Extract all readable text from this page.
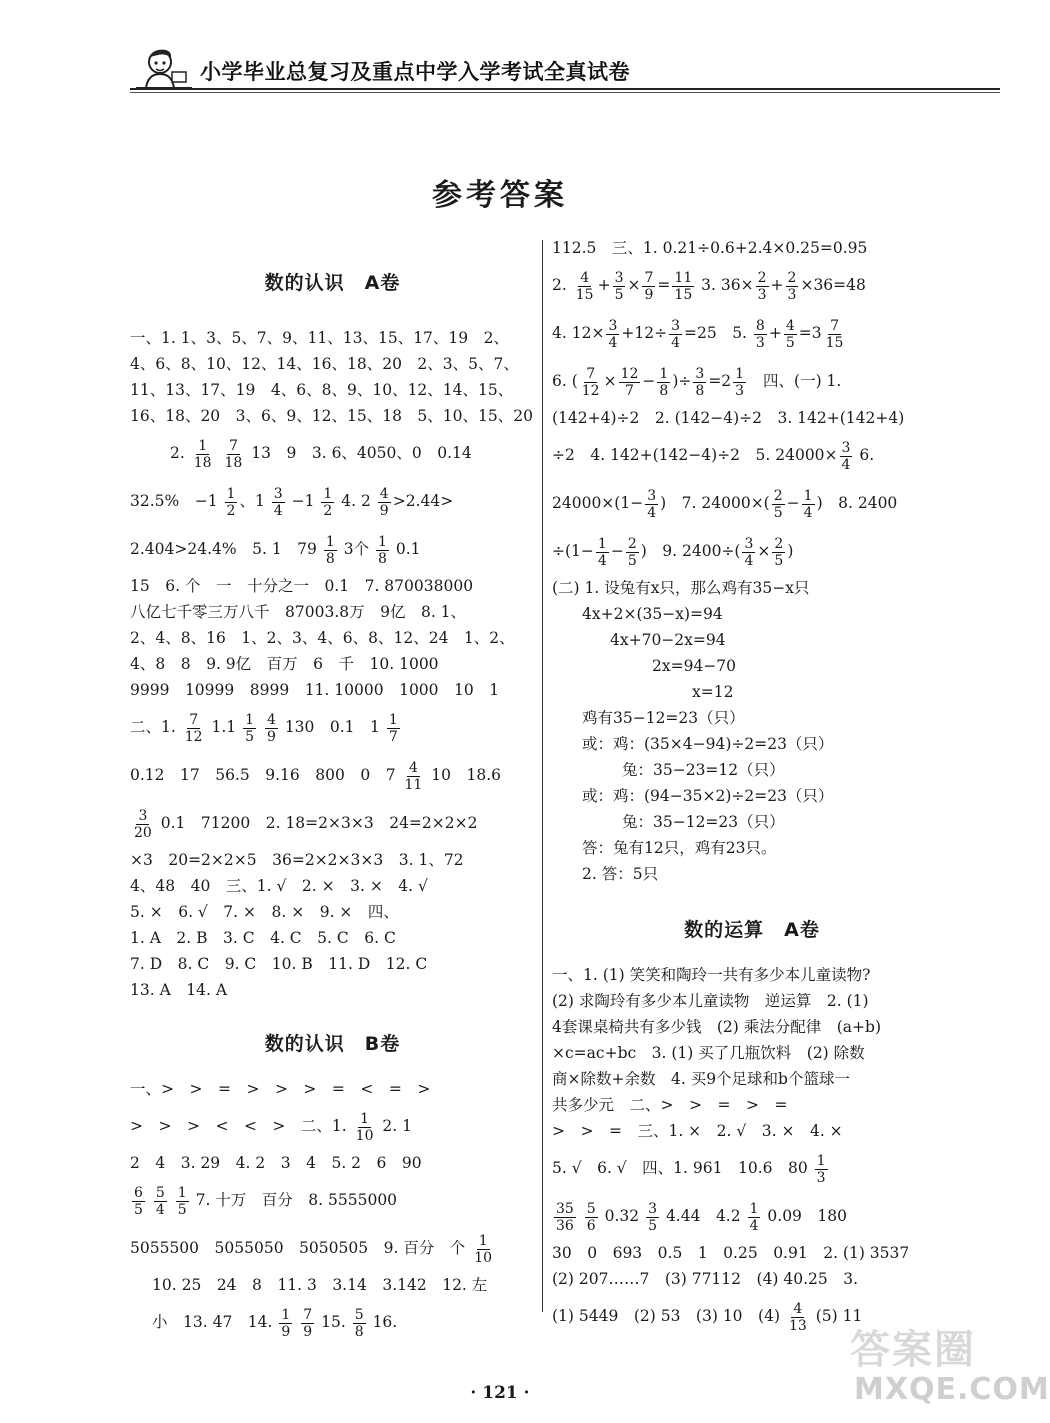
小学毕业总复习及重点中学入学考试全真试卷
参考答案
数的认识　A卷
一、1. 1、3、5、7、9、11、13、15、17、19　2、
4、6、8、10、12、14、16、18、20　2、3、5、7、
11、13、17、19　4、6、8、9、10、12、14、15、
16、18、20　3、6、9、12、15、18　5、10、15、20
2. $\frac{1}{18}$
$\frac{7}{18} 13$　9　3. 6、4050、0　0.14
32.5%　$-1 \frac{1}{2}$ 、$1 \frac{3}{4} -1 \frac{1}{2} 4$. $2 \frac{4}{9} >2.44>$
2.404>24.4%　5. 1　$79 \frac{1}{8} 3$个 $\frac{1}{8} 0.1$
15　6. 个　一　十分之一　0.1　7. 870038000
八亿七千零三万八千　87003.8万　9亿　8. 1、
2、4、8、16　1、2、3、4、6、8、12、24　1、2、
4、8　8　9. 9亿　百万　6　千　10. 1000
9999　10999　8999　11. 10000　1000　10　1
二、1. $\frac{7}{12} 1.1 \frac{1}{5}$
$\frac{4}{9} 130$　0.1　$1 \frac{1}{7}$
0.12　17　56.5　9.16　800　0　$7 \frac{4}{11} 10$　18.6
$\frac{3}{20} 0.1$　71200　2. 18=2×3×3　24=2×2×2
×3　20=2×2×5　36=2×2×3×3　3. 1、72
4、48　40　三、1. √　2. ×　3. ×　4. √
5. ×　6. √　7. ×　8. ×　9. ×　四、
1. A　2. B　3. C　4. C　5. C　6. C
7. D　8. C　9. C　10. B　11. D　12. C
13. A　14. A
数的认识　B卷
一、>　>　=　>　>　>　=　<　=　>
>　>　>　<　<　>　二、1. $\frac{1}{10} 2$. 1
2　4　3. 29　4. 2　3　4　5. 2　6　90
$\frac{6}{5}$
$\frac{5}{4}$
$\frac{1}{5} 7$. 十万　百分　8. 5555000
5055500　5055050　5050505　9. 百分　个 $\frac{1}{10}$
10. 25　24　8　11. 3　3.14　3.142　12. 左
小　13. 47　14. $\frac{1}{9}$
$\frac{7}{9} 15$. $\frac{5}{8} 16$.
112.5　三、1. 0.21÷0.6+2.4×0.25=0.95
2. $\frac{4}{15} + \frac{3}{5} \times \frac{7}{9} = \frac{11}{15} 3$. $36\times \frac{2}{3} + \frac{2}{3} \times 36=48$
4. $12\times \frac{3}{4} +12\div \frac{3}{4} =25$　5. $\frac{8}{3} + \frac{4}{5} =3 \frac{7}{15}$
6. ( $\frac{7}{12} \times \frac{12}{7} - \frac{1}{8}$ )÷ $\frac{3}{8} =2 \frac{1}{3}$ 四、(一) 1.
(142+4)÷2　2. (142−4)÷2　3. 142+(142+4)
÷2　4. 142+(142−4)÷2　5. $24000\times \frac{3}{4} 6$.
$24000\times(1- \frac{3}{4}$ )　7. $24000\times( \frac{2}{5} - \frac{1}{4}$ )　8. 2400
$\div(1- \frac{1}{4} - \frac{2}{5}$ )　9. $2400\div( \frac{3}{4} \times \frac{2}{5}$ )
(二) 1. 设兔有x只，那么鸡有35−x只
4x+2×(35−x)=94
4x+70−2x=94
2x=94−70
x=12
鸡有35−12=23（只）
或：鸡：(35×4−94)÷2=23（只）
兔：35−23=12（只）
或：鸡：(94−35×2)÷2=23（只）
兔：35−12=23（只）
答：兔有12只，鸡有23只。
2. 答：5只
数的运算　A卷
一、1. (1) 笑笑和陶玲一共有多少本儿童读物?
(2) 求陶玲有多少本儿童读物　逆运算　2. (1)
4套课桌椅共有多少钱　(2) 乘法分配律　(a+b)
×c=ac+bc　3. (1) 买了几瓶饮料　(2) 除数
商×除数+余数　4. 买9个足球和b个篮球一
共多少元　二、>　>　=　>　=
>　>　=　三、1. ×　2. √　3. ×　4. ×
5. √　6. √　四、1. 961　10.6　$80 \frac{1}{3}$
$\frac{35}{36}$
$\frac{5}{6} 0.32 \frac{3}{5} 4.44$　$4.2 \frac{1}{4} 0.09$　180
30　0　693　0.5　1　0.25　0.91　2. (1) 3537
(2) 207……7　(3) 77112　(4) 40.25　3.
(1) 5449　(2) 53　(3) 10　$(4) \frac{4}{13} (5)$ 11
· 121 ·
答案圈
MXQE.COM
